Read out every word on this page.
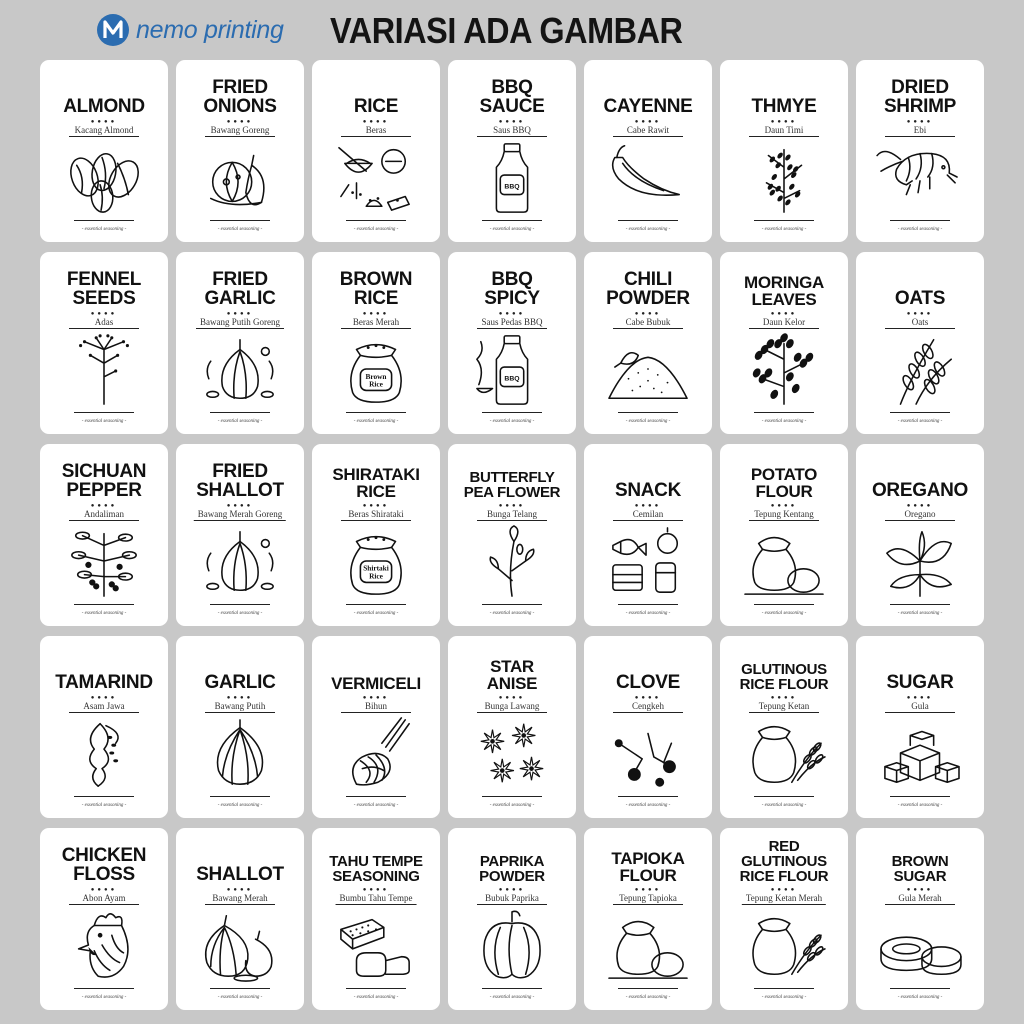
nemo printing VARIASI ADA GAMBAR
ALMOND
●●●●
Kacang Almond
- essential seasoning -
FRIED
ONIONS
●●●●
Bawang Goreng
- essential seasoning -
RICE
●●●●
Beras
- essential seasoning -
BBQ
SAUCE
●●●●
Saus BBQ
BBQ
- essential seasoning -
CAYENNE
●●●●
Cabe Rawit
- essential seasoning -
THMYE
●●●●
Daun Timi
- essential seasoning -
DRIED
SHRIMP
●●●●
Ebi
- essential seasoning -
FENNEL
SEEDS
●●●●
Adas
- essential seasoning -
FRIED
GARLIC
●●●●
Bawang Putih Goreng
- essential seasoning -
BROWN
RICE
●●●●
Beras Merah
Brown
Rice
- essential seasoning -
BBQ
SPICY
●●●●
Saus Pedas BBQ
BBQ
- essential seasoning -
CHILI
POWDER
●●●●
Cabe Bubuk
- essential seasoning -
MORINGA
LEAVES
●●●●
Daun Kelor
- essential seasoning -
OATS
●●●●
Oats
- essential seasoning -
SICHUAN
PEPPER
●●●●
Andaliman
- essential seasoning -
FRIED
SHALLOT
●●●●
Bawang Merah Goreng
- essential seasoning -
SHIRATAKI
RICE
●●●●
Beras Shirataki
Shirtaki
Rice
- essential seasoning -
BUTTERFLY
PEA FLOWER
●●●●
Bunga Telang
- essential seasoning -
SNACK
●●●●
Cemilan
- essential seasoning -
POTATO
FLOUR
●●●●
Tepung Kentang
- essential seasoning -
OREGANO
●●●●
Oregano
- essential seasoning -
TAMARIND
●●●●
Asam Jawa
- essential seasoning -
GARLIC
●●●●
Bawang Putih
- essential seasoning -
VERMICELI
●●●●
Bihun
- essential seasoning -
STAR
ANISE
●●●●
Bunga Lawang
- essential seasoning -
CLOVE
●●●●
Cengkeh
- essential seasoning -
GLUTINOUS
RICE FLOUR
●●●●
Tepung Ketan
- essential seasoning -
SUGAR
●●●●
Gula
- essential seasoning -
CHICKEN
FLOSS
●●●●
Abon Ayam
- essential seasoning -
SHALLOT
●●●●
Bawang Merah
- essential seasoning -
TAHU TEMPE
SEASONING
●●●●
Bumbu Tahu Tempe
- essential seasoning -
PAPRIKA
POWDER
●●●●
Bubuk Paprika
- essential seasoning -
TAPIOKA
FLOUR
●●●●
Tepung Tapioka
- essential seasoning -
RED
GLUTINOUS
RICE FLOUR
●●●●
Tepung Ketan Merah
- essential seasoning -
BROWN
SUGAR
●●●●
Gula Merah
- essential seasoning -
